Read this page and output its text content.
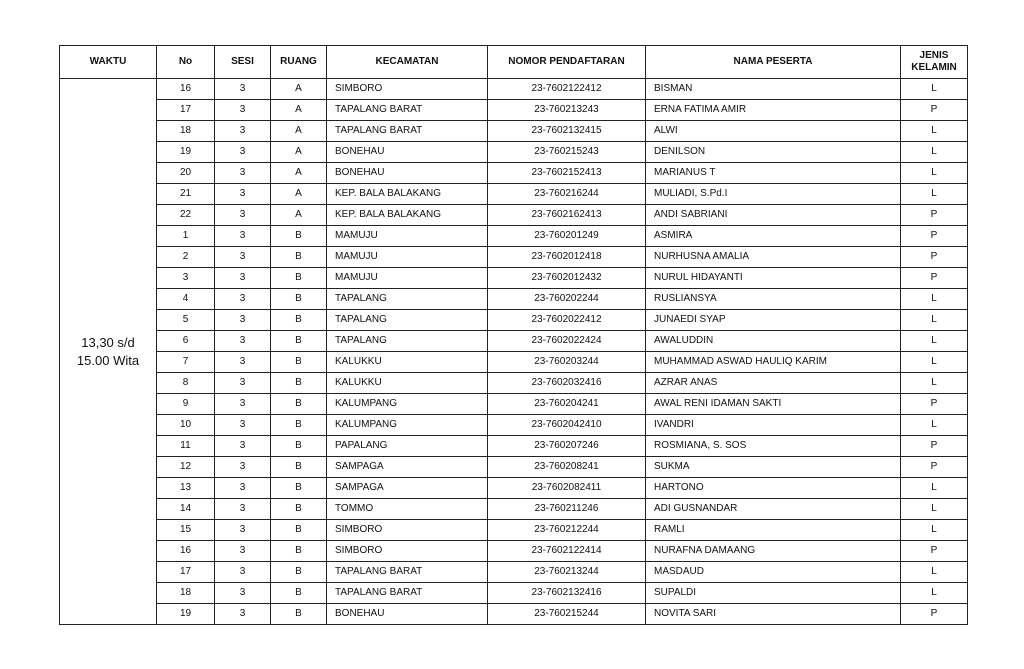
WAKTU	No	SESI	RUANG	KECAMATAN	NOMOR PENDAFTARAN	NAMA PESERTA	JENIS
KELAMIN

13,30 s/d
15.00 Wita	16	3	A	SIMBORO	23-7602122412	BISMAN	L
	17	3	A	TAPALANG BARAT	23-760213243	ERNA FATIMA AMIR	P
	18	3	A	TAPALANG BARAT	23-7602132415	ALWI	L
	19	3	A	BONEHAU	23-760215243	DENILSON	L
	20	3	A	BONEHAU	23-7602152413	MARIANUS T	L
	21	3	A	KEP. BALA BALAKANG	23-760216244	MULIADI, S.Pd.I	L
	22	3	A	KEP. BALA BALAKANG	23-7602162413	ANDI SABRIANI	P
	1	3	B	MAMUJU	23-760201249	ASMIRA	P
	2	3	B	MAMUJU	23-7602012418	NURHUSNA AMALIA	P
	3	3	B	MAMUJU	23-7602012432	NURUL HIDAYANTI	P
	4	3	B	TAPALANG	23-760202244	RUSLIANSYA	L
	5	3	B	TAPALANG	23-7602022412	JUNAEDI SYAP	L
	6	3	B	TAPALANG	23-7602022424	AWALUDDIN	L
	7	3	B	KALUKKU	23-760203244	MUHAMMAD ASWAD HAULIQ KARIM	L
	8	3	B	KALUKKU	23-7602032416	AZRAR ANAS	L
	9	3	B	KALUMPANG	23-760204241	AWAL RENI IDAMAN SAKTI	P
	10	3	B	KALUMPANG	23-7602042410	IVANDRI	L
	11	3	B	PAPALANG	23-760207246	ROSMIANA, S. SOS	P
	12	3	B	SAMPAGA	23-760208241	SUKMA	P
	13	3	B	SAMPAGA	23-7602082411	HARTONO	L
	14	3	B	TOMMO	23-760211246	ADI GUSNANDAR	L
	15	3	B	SIMBORO	23-760212244	RAMLI	L
	16	3	B	SIMBORO	23-7602122414	NURAFNA DAMAANG	P
	17	3	B	TAPALANG BARAT	23-760213244	MASDAUD	L
	18	3	B	TAPALANG BARAT	23-7602132416	SUPALDI	L
	19	3	B	BONEHAU	23-760215244	NOVITA SARI	P
